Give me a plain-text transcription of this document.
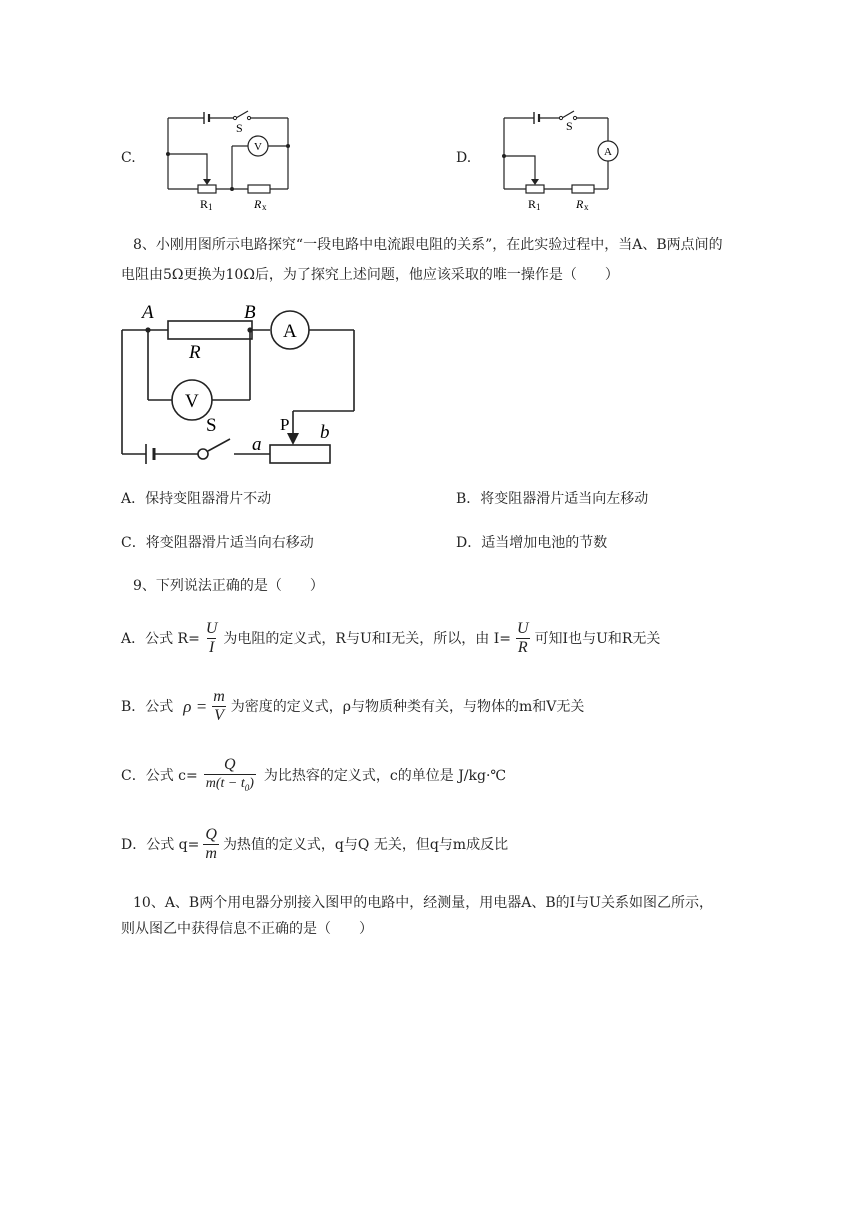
C.
S
V
R 1	R x
D.
S
A
R 1	R x
8、小刚用图所示电路探究“一段电路中电流跟电阻的关系”，在此实验过程中，当A、B两点间的
电阻由5Ω更换为10Ω后，为了探究上述问题，他应该采取的唯一操作是（　　）
A	B
R
A
V
S	P
a
b
A．保持变阻器滑片不动	B．将变阻器滑片适当向左移动
C．将变阻器滑片适当向右移动	D．适当增加电池的节数
9、下列说法正确的是（　　）
A．公式 $R= \frac{U}{I}$ 为电阻的定义式，R与U和I无关，所以，由 $I= \frac{U}{R}$ 可知I也与U和R无关
B．公式 $\rho = \frac{m}{V}$ 为密度的定义式，ρ与物质种类有关，与物体的m和V无关
C．公式 $c= \frac{Q}{m(t - t_0)}$ 为比热容的定义式，c的单位是 J/kg·℃
D．公式 $q= \frac{Q}{m}$ 为热值的定义式，q与Q 无关，但q与m成反比
10、A、B两个用电器分别接入图甲的电路中，经测量，用电器A、B的I与U关系如图乙所示，
则从图乙中获得信息不正确的是（　　）
